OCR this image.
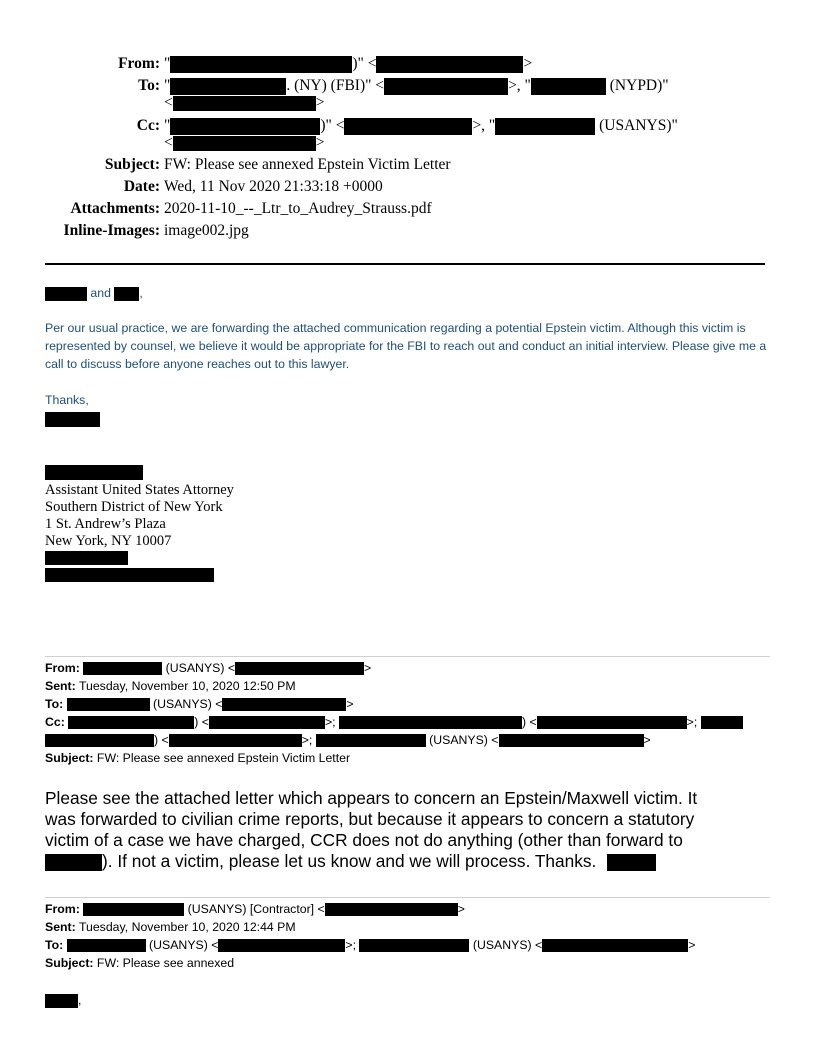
From: "	)" <	>
To: "	. (NY) (FBI)" <	>, "	(NYPD)"
<	>
Cc: "	)" <	>, "	(USANYS)"
<	>
Subject: FW: Please see annexed Epstein Victim Letter
Date: Wed, 11 Nov 2020 21:33:18 +0000
Attachments: 2020-11-10_--_Ltr_to_Audrey_Strauss.pdf
Inline-Images: image002.jpg
and ,
Per our usual practice, we are forwarding the attached communication regarding a potential Epstein victim. Although this victim is represented by counsel, we believe it would be appropriate for the FBI to reach out and conduct an initial interview. Please give me a call to discuss before anyone reaches out to this lawyer.
Thanks,
Assistant United States Attorney
Southern District of New York
1 St. Andrew’s Plaza
New York, NY 10007
From:	(USANYS) <	>
Sent: Tuesday, November 10, 2020 12:50 PM
To:	(USANYS) <	>
Cc:	) <	>;	) <	>;
) <	>;	(USANYS) <	>
Subject: FW: Please see annexed Epstein Victim Letter
Please see the attached letter which appears to concern an Epstein/Maxwell victim. It
was forwarded to civilian crime reports, but because it appears to concern a statutory
victim of a case we have charged, CCR does not do anything (other than forward to
). If not a victim, please let us know and we will process. Thanks.
From:	(USANYS) [Contractor] <	>
Sent: Tuesday, November 10, 2020 12:44 PM
To:	(USANYS) <	>;	(USANYS) <	>
Subject: FW: Please see annexed
,
